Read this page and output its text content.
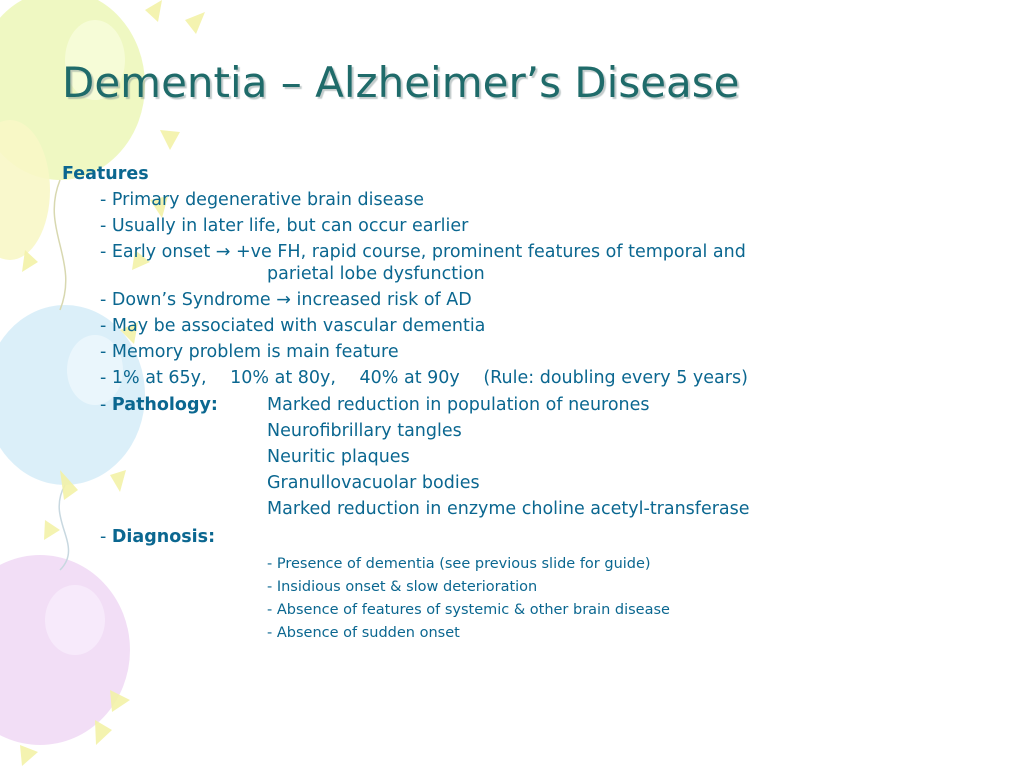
Dementia – Alzheimer’s Disease
Features
- Primary degenerative brain disease
- Usually in later life, but can occur earlier
- Early onset → +ve FH, rapid course, prominent features of temporal and
parietal lobe dysfunction
- Down’s Syndrome → increased risk of AD
- May be associated with vascular dementia
- Memory problem is main feature
- 1% at 65y, 10% at 80y, 40% at 90y (Rule: doubling every 5 years)
- Pathology:	Marked reduction in population of neurones
Neurofibrillary tangles
Neuritic plaques
Granullovacuolar bodies
Marked reduction in enzyme choline acetyl-transferase
- Diagnosis:
- Presence of dementia (see previous slide for guide)
- Insidious onset & slow deterioration
- Absence of features of systemic & other brain disease
- Absence of sudden onset
